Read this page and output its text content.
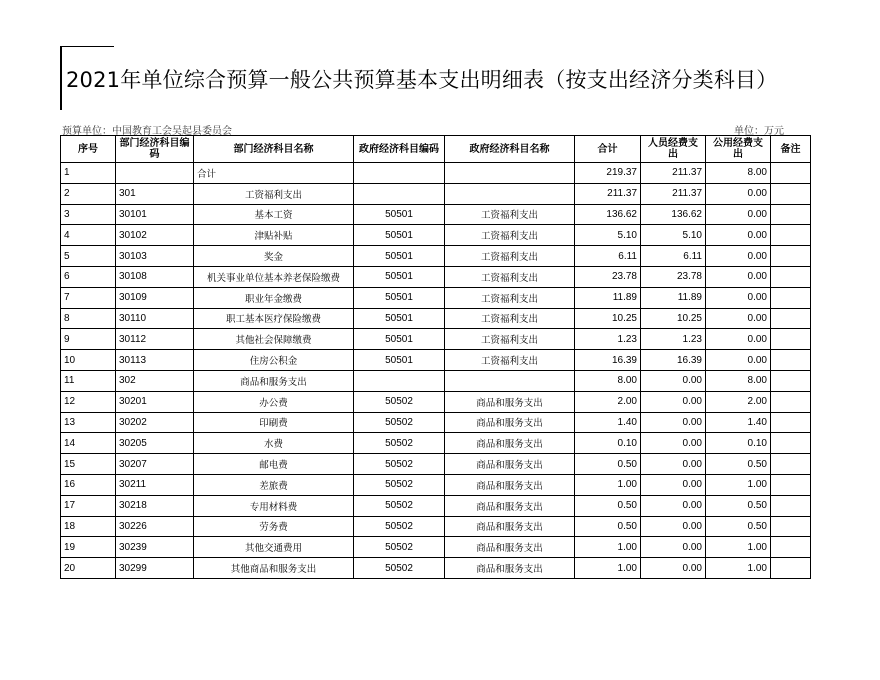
2021年单位综合预算一般公共预算基本支出明细表（按支出经济分类科目）
预算单位：中国教育工会吴起县委员会	单位：万元
序号	部门经济科目编码	部门经济科目名称	政府经济科目编码	政府经济科目名称	合计	人员经费支出	公用经费支出	备注
1		合计			219.37	211.37	8.00	
2	301	工资福利支出			211.37	211.37	0.00	
3	30101	基本工资	50501	工资福利支出	136.62	136.62	0.00	
4	30102	津贴补贴	50501	工资福利支出	5.10	5.10	0.00	
5	30103	奖金	50501	工资福利支出	6.11	6.11	0.00	
6	30108	机关事业单位基本养老保险缴费	50501	工资福利支出	23.78	23.78	0.00	
7	30109	职业年金缴费	50501	工资福利支出	11.89	11.89	0.00	
8	30110	职工基本医疗保险缴费	50501	工资福利支出	10.25	10.25	0.00	
9	30112	其他社会保障缴费	50501	工资福利支出	1.23	1.23	0.00	
10	30113	住房公积金	50501	工资福利支出	16.39	16.39	0.00	
11	302	商品和服务支出			8.00	0.00	8.00	
12	30201	办公费	50502	商品和服务支出	2.00	0.00	2.00	
13	30202	印刷费	50502	商品和服务支出	1.40	0.00	1.40	
14	30205	水费	50502	商品和服务支出	0.10	0.00	0.10	
15	30207	邮电费	50502	商品和服务支出	0.50	0.00	0.50	
16	30211	差旅费	50502	商品和服务支出	1.00	0.00	1.00	
17	30218	专用材料费	50502	商品和服务支出	0.50	0.00	0.50	
18	30226	劳务费	50502	商品和服务支出	0.50	0.00	0.50	
19	30239	其他交通费用	50502	商品和服务支出	1.00	0.00	1.00	
20	30299	其他商品和服务支出	50502	商品和服务支出	1.00	0.00	1.00	
